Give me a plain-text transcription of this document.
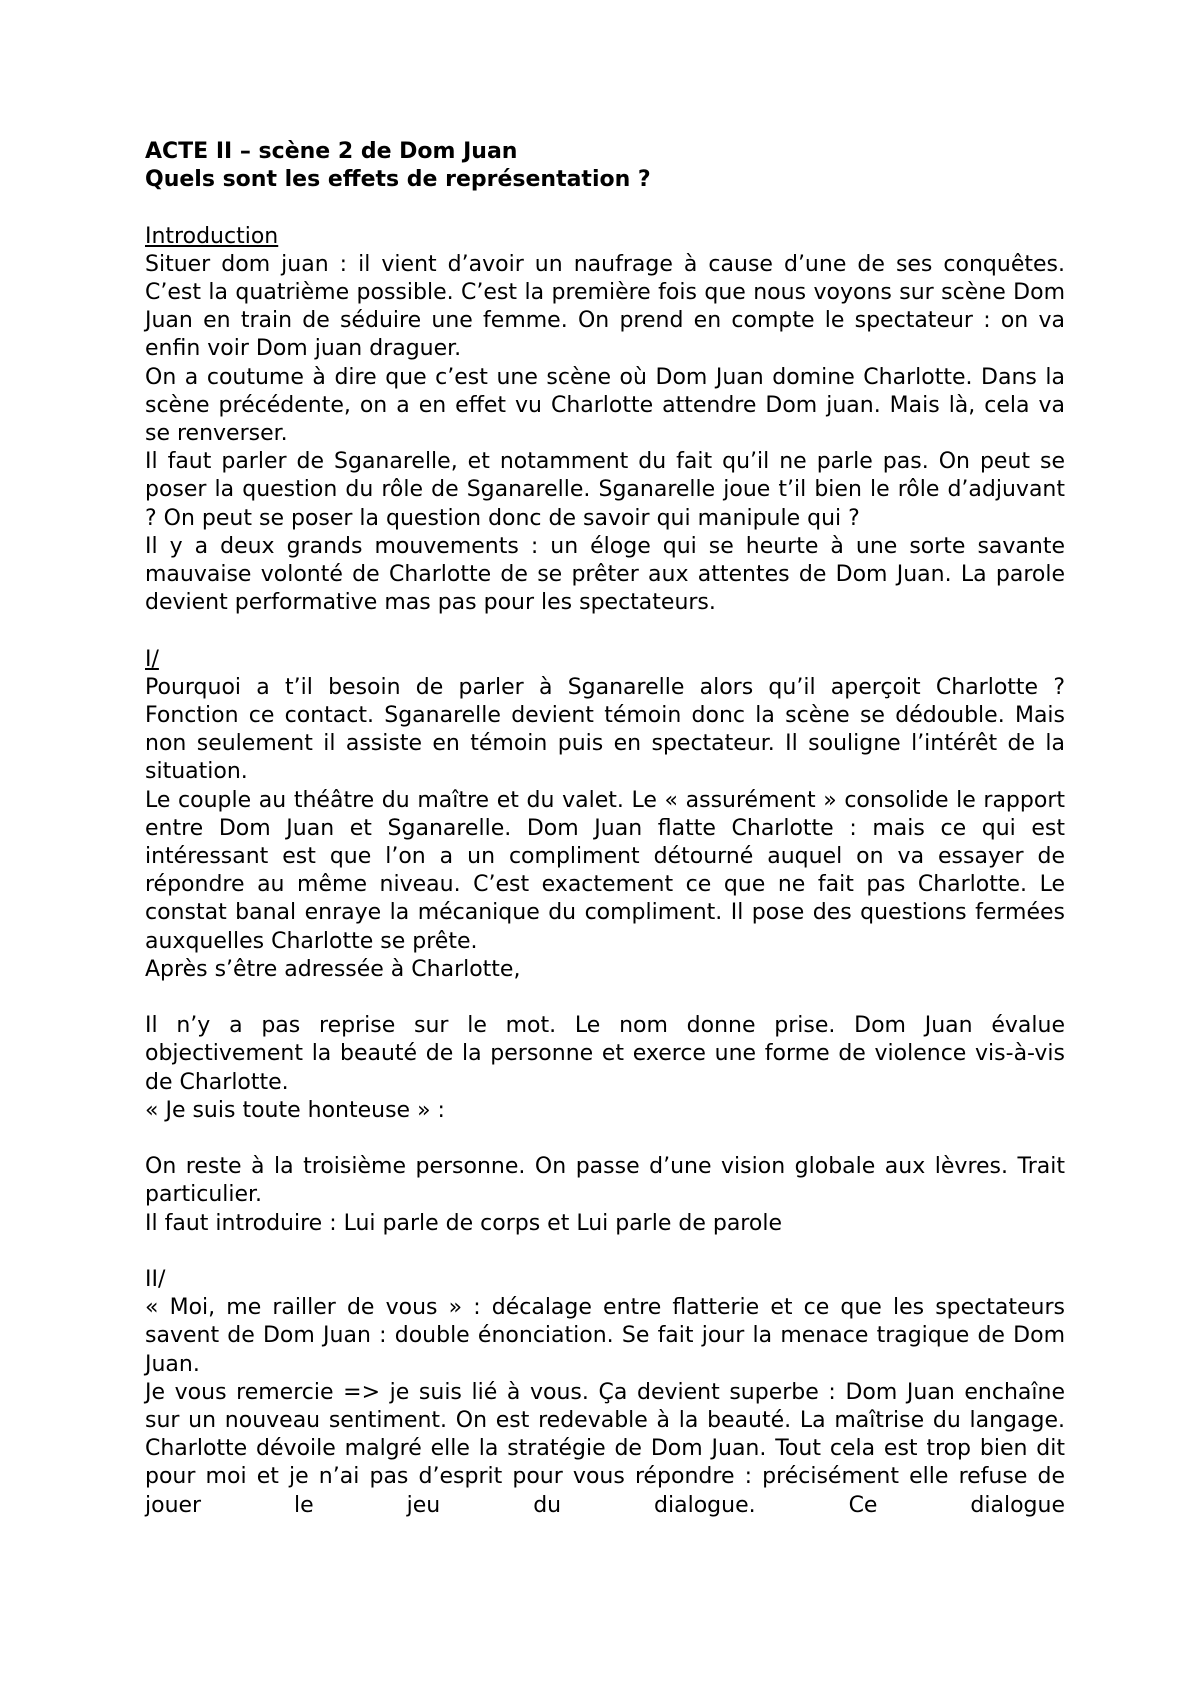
ACTE II – scène 2 de Dom Juan

Quels sont les effets de représentation ?

Introduction

Situer dom juan : il vient d’avoir un naufrage à cause d’une de ses conquêtes. C’est la quatrième possible. C’est la première fois que nous voyons sur scène Dom Juan en train de séduire une femme. On prend en compte le spectateur : on va enfin voir Dom juan draguer.

On a coutume à dire que c’est une scène où Dom Juan domine Charlotte. Dans la scène précédente, on a en effet vu Charlotte attendre Dom juan. Mais là, cela va se renverser.

Il faut parler de Sganarelle, et notamment du fait qu’il ne parle pas. On peut se poser la question du rôle de Sganarelle. Sganarelle joue t’il bien le rôle d’adjuvant ? On peut se poser la question donc de savoir qui manipule qui ?

Il y a deux grands mouvements : un éloge qui se heurte à une sorte savante mauvaise volonté de Charlotte de se prêter aux attentes de Dom Juan. La parole devient performative mas pas pour les spectateurs.

I/

Pourquoi a t’il besoin de parler à Sganarelle alors qu’il aperçoit Charlotte ? Fonction ce contact. Sganarelle devient témoin donc la scène se dédouble. Mais non seulement il assiste en témoin puis en spectateur. Il souligne l’intérêt de la situation.

Le couple au théâtre du maître et du valet. Le « assurément » consolide le rapport entre Dom Juan et Sganarelle. Dom Juan flatte Charlotte : mais ce qui est intéressant est que l’on a un compliment détourné auquel on va essayer de répondre au même niveau. C’est exactement ce que ne fait pas Charlotte. Le constat banal enraye la mécanique du compliment. Il pose des questions fermées auxquelles Charlotte se prête.

Après s’être adressée à Charlotte,

Il n’y a pas reprise sur le mot. Le nom donne prise. Dom Juan évalue objectivement la beauté de la personne et exerce une forme de violence vis-à-vis de Charlotte.

« Je suis toute honteuse » :

On reste à la troisième personne. On passe d’une vision globale aux lèvres. Trait particulier.

Il faut introduire : Lui parle de corps et Lui parle de parole

II/

« Moi, me railler de vous » : décalage entre flatterie et ce que les spectateurs savent de Dom Juan : double énonciation. Se fait jour la menace tragique de Dom Juan.

Je vous remercie => je suis lié à vous. Ça devient superbe : Dom Juan enchaîne sur un nouveau sentiment. On est redevable à la beauté. La maîtrise du langage. Charlotte dévoile malgré elle la stratégie de Dom Juan. Tout cela est trop bien dit pour moi et je n’ai pas d’esprit pour vous répondre : précisément elle refuse de jouer le jeu du dialogue. Ce dialogue
